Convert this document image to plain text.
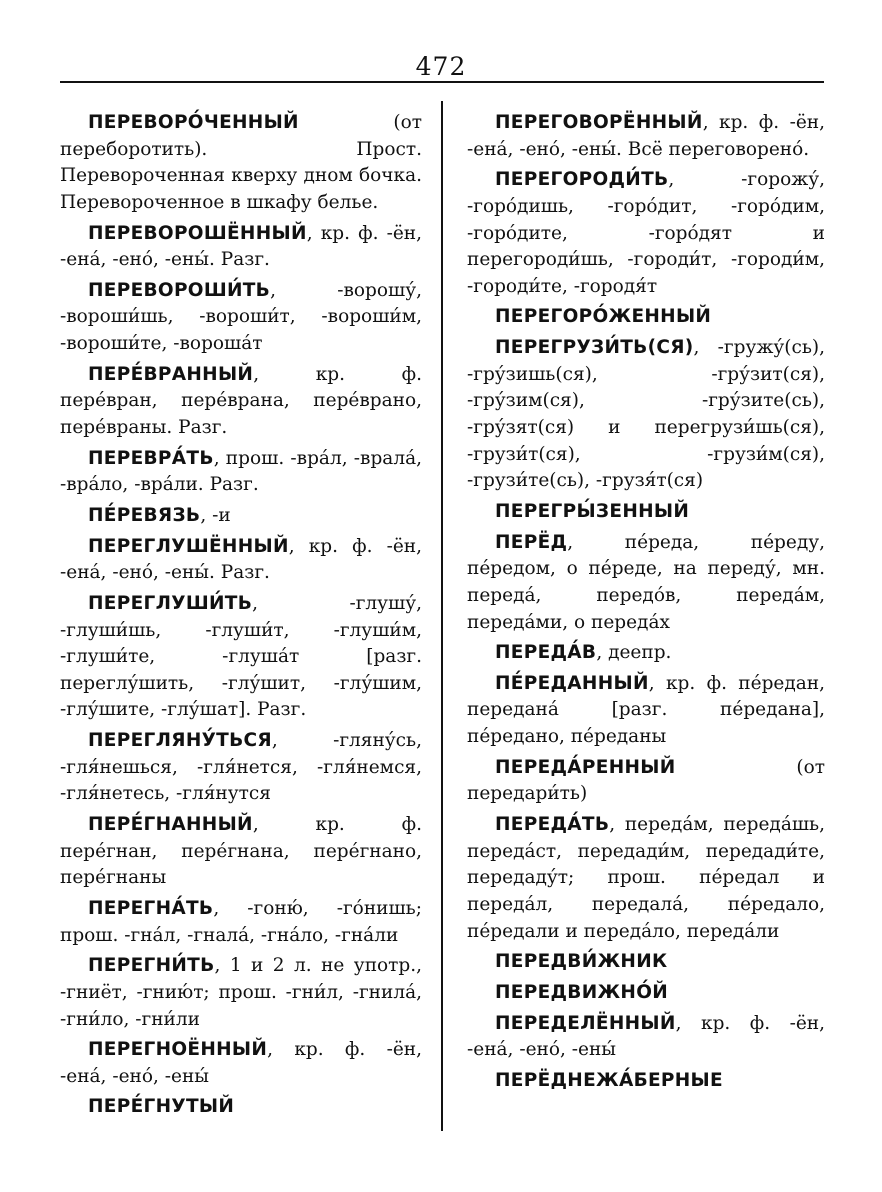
472

ПЕРЕВОРО́ЧЕННЫЙ (от переборотить). Прост. Перевороченная кверху дном бочка. Перевороченное в шкафу белье.

ПЕРЕВОРОШЁННЫЙ, кр. ф. -ён, -ена́, -ено́, -ены́. Разг.

ПЕРЕВОРОШИ́ТЬ, -ворошу́, -вороши́шь, -вороши́т, -вороши́м, -вороши́те, -вороша́т

ПЕРЕ́ВРАННЫЙ, кр. ф. пере́вран, пере́врана, пере́врано, пере́враны. Разг.

ПЕРЕВРА́ТЬ, прош. -вра́л, -врала́, -вра́ло, -вра́ли. Разг.

ПЕ́РЕВЯЗЬ, -и

ПЕРЕГЛУШЁННЫЙ, кр. ф. -ён, -ена́, -ено́, -ены́. Разг.

ПЕРЕГЛУШИ́ТЬ, -глушу́, -глуши́шь, -глуши́т, -глуши́м, -глуши́те, -глуша́т [разг. переглу́шить, -глу́шит, -глу́шим, -глу́шите, -глу́шат]. Разг.

ПЕРЕГЛЯНУ́ТЬСЯ, -гляну́сь, -гля́нешься, -гля́нется, -гля́немся, -гля́нетесь, -гля́нутся

ПЕРЕ́ГНАННЫЙ, кр. ф. пере́гнан, пере́гнана, пере́гнано, пере́гнаны

ПЕРЕГНА́ТЬ, -гоню́, -го́нишь; прош. -гна́л, -гнала́, -гна́ло, -гна́ли

ПЕРЕГНИ́ТЬ, 1 и 2 л. не употр., -гниёт, -гнию́т; прош. -гни́л, -гнила́, -гни́ло, -гни́ли

ПЕРЕГНОЁННЫЙ, кр. ф. -ён, -ена́, -ено́, -ены́

ПЕРЕ́ГНУТЫЙ

ПЕРЕГОВОРЁННЫЙ, кр. ф. -ён, -ена́, -ено́, -ены́. Всё переговорено́.

ПЕРЕГОРОДИ́ТЬ, -горожу́, -горо́дишь, -горо́дит, -горо́дим, -горо́дите, -горо́дят и перегороди́шь, -городи́т, -городи́м, -городи́те, -городя́т

ПЕРЕГОРО́ЖЕННЫЙ

ПЕРЕГРУЗИ́ТЬ(СЯ), -гружу́(сь), -гру́зишь(ся), -гру́зит(ся), -гру́зим(ся), -гру́зите(сь), -гру́зят(ся) и перегрузи́шь(ся), -грузи́т(ся), -грузи́м(ся), -грузи́те(сь), -грузя́т(ся)

ПЕРЕГРЫ́ЗЕННЫЙ

ПЕРЁД, пе́реда, пе́реду, пе́редом, о пе́реде, на переду́, мн. переда́, передо́в, переда́м, переда́ми, о переда́х

ПЕРЕДА́В, деепр.

ПЕ́РЕДАННЫЙ, кр. ф. пе́редан, передана́ [разг. пе́редана], пе́редано, пе́реданы

ПЕРЕДА́РЕННЫЙ (от передари́ть)

ПЕРЕДА́ТЬ, переда́м, переда́шь, переда́ст, передади́м, передади́те, передаду́т; прош. пе́редал и переда́л, передала́, пе́редало, пе́редали и переда́ло, переда́ли

ПЕРЕДВИ́ЖНИК

ПЕРЕДВИЖНО́Й

ПЕРЕДЕЛЁННЫЙ, кр. ф. -ён, -ена́, -ено́, -ены́

ПЕРЁДНЕЖА́БЕРНЫЕ
